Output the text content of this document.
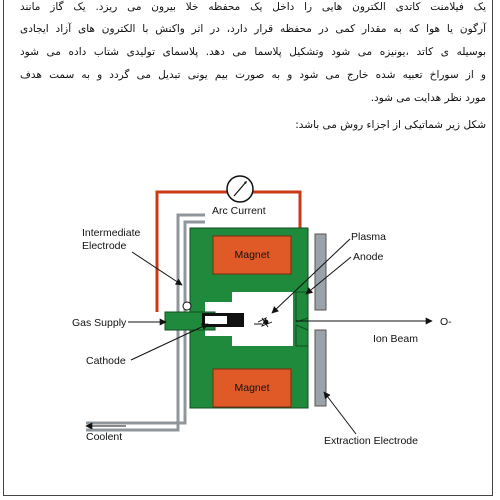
یک فیلامنت کاتدی الکترون هایی را داخل یک محفظه خلا بیرون می ریزد. یک گاز مانند
آرگون یا هوا که به مقدار کمی در محفظه قرار دارد، در اثر واکنش با الکترون های آزاد ایجادی
بوسیله ی کاتد ،یونیزه می شود وتشکیل پلاسما می دهد. پلاسمای تولیدی شتاب داده می شود
و از سوراخ تعبیه شده خارج می شود و به صورت بیم یونی تبدیل می گردد و به سمت هدف
مورد نظر هدایت می شود.
شکل زیر شماتیکی از اجزاء روش می باشد:
Magnet
Magnet
Arc Current
Intermediate
Electrode
Plasma
Anode
Gas Supply
Cathode
Ion Beam
O-
Coolent	Extraction Electrode
